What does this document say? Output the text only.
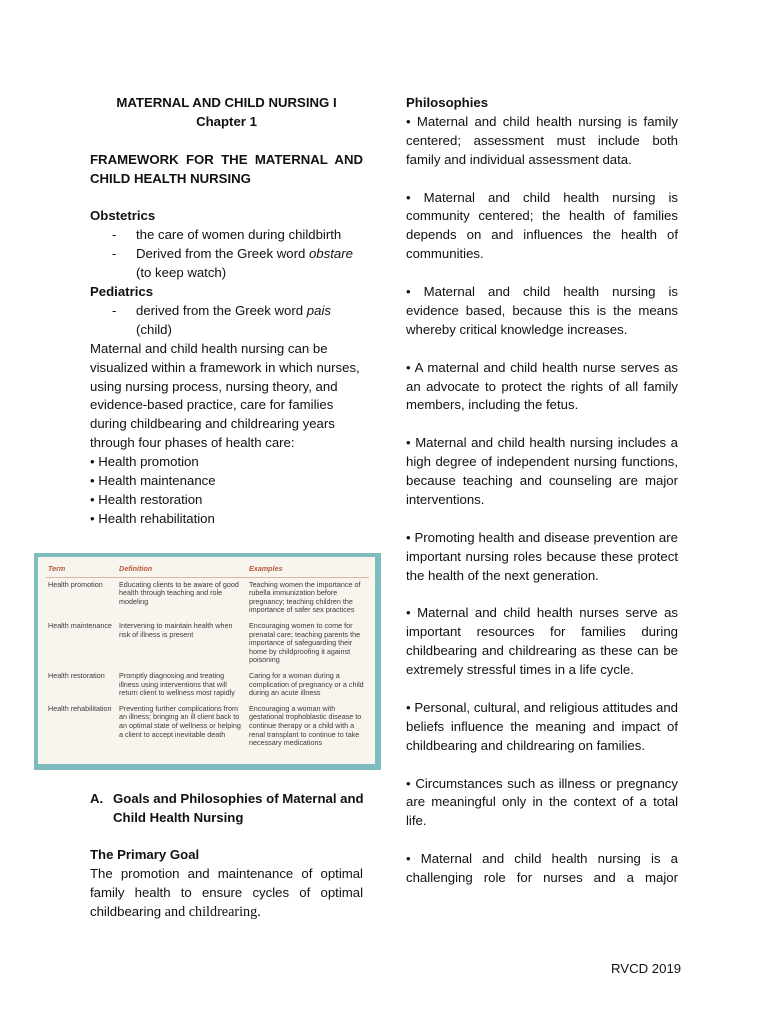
MATERNAL AND CHILD NURSING I

Chapter 1

FRAMEWORK FOR THE MATERNAL AND CHILD HEALTH NURSING

Obstetrics

- the care of women during childbirth
- Derived from the Greek word obstare
(to keep watch)

Pediatrics

- derived from the Greek word pais
(child)

Maternal and child health nursing can be visualized within a framework in which nurses, using nursing process, nursing theory, and evidence-based practice, care for families during childbearing and childrearing years through four phases of health care:

• Health promotion
• Health maintenance
• Health restoration
• Health rehabilitation
Term	Definition	Examples
Health promotion	Educating clients to be aware of good health through teaching and role modeling	Teaching women the importance of rubella immunization before pregnancy; teaching children the importance of safer sex practices
Health maintenance	Intervening to maintain health when risk of illness is present	Encouraging women to come for prenatal care; teaching parents the importance of safeguarding their home by childproofing it against poisoning
Health restoration	Promptly diagnosing and treating illness using interventions that will return client to wellness most rapidly	Caring for a woman during a complication of pregnancy or a child during an acute illness
Health rehabilitation	Preventing further complications from an illness; bringing an ill client back to an optimal state of wellness or helping a client to accept inevitable death	Encouraging a woman with gestational trophoblastic disease to continue therapy or a child with a renal transplant to continue to take necessary medications
A. Goals and Philosophies of Maternal and Child Health Nursing

The Primary Goal

The promotion and maintenance of optimal family health to ensure cycles of optimal childbearing and childrearing.

Philosophies

• Maternal and child health nursing is family centered; assessment must include both family and individual assessment data.

• Maternal and child health nursing is community centered; the health of families depends on and influences the health of communities.

• Maternal and child health nursing is evidence based, because this is the means whereby critical knowledge increases.

• A maternal and child health nurse serves as an advocate to protect the rights of all family members, including the fetus.

• Maternal and child health nursing includes a high degree of independent nursing functions, because teaching and counseling are major interventions.

• Promoting health and disease prevention are important nursing roles because these protect the health of the next generation.

• Maternal and child health nurses serve as important resources for families during childbearing and childrearing as these can be extremely stressful times in a life cycle.

• Personal, cultural, and religious attitudes and beliefs influence the meaning and impact of childbearing and childrearing on families.

• Circumstances such as illness or pregnancy are meaningful only in the context of a total life.

• Maternal and child health nursing is a challenging role for nurses and a major

RVCD 2019
